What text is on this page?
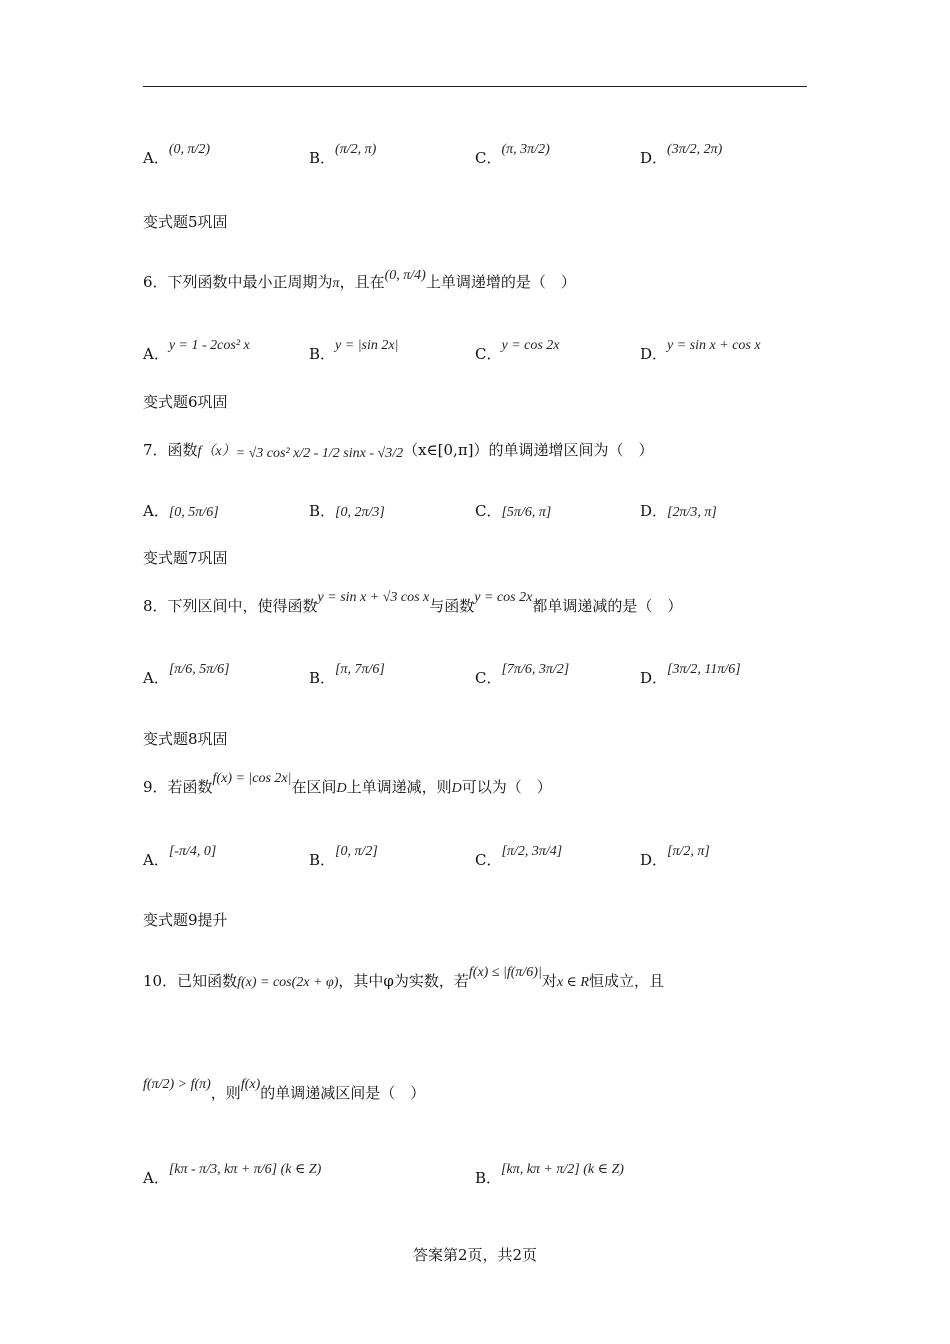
A．(0, π/2)	B．(π/2, π)	C．(π, 3π/2)	D．(3π/2, 2π)
变式题5巩固
6．下列函数中最小正周期为π，且在(0, π/4)上单调递增的是（　）
A．y = 1 - 2cos² x	B．y = |sin 2x|	C．y = cos 2x	D．y = sin x + cos x
变式题6巩固
7．函数f（x）= √3 cos² x/2 - 1/2 sinx - √3/2（x∈[0,π]）的单调递增区间为（　）
A．[0, 5π/6]	B．[0, 2π/3]	C．[5π/6, π]	D．[2π/3, π]
变式题7巩固
8．下列区间中，使得函数y = sin x + √3 cos x与函数y = cos 2x都单调递减的是（　）
A．[π/6, 5π/6]	B．[π, 7π/6]	C．[7π/6, 3π/2]	D．[3π/2, 11π/6]
变式题8巩固
9．若函数f(x) = |cos 2x|在区间D上单调递减，则D可以为（　）
A．[-π/4, 0]	B．[0, π/2]	C．[π/2, 3π/4]	D．[π/2, π]
变式题9提升
10．已知函数f(x) = cos(2x + φ)，其中φ为实数，若f(x) ≤ |f(π/6)|对x ∈ R恒成立，且
f(π/2) > f(π)，则f(x)的单调递减区间是（　）
A．[kπ - π/3, kπ + π/6] (k ∈ Z)	B．[kπ, kπ + π/2] (k ∈ Z)
答案第2页，共2页
